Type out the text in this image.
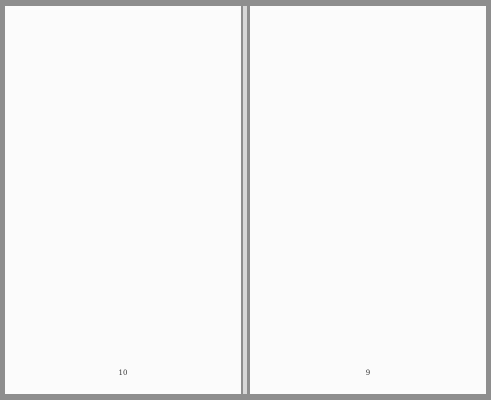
10	9
